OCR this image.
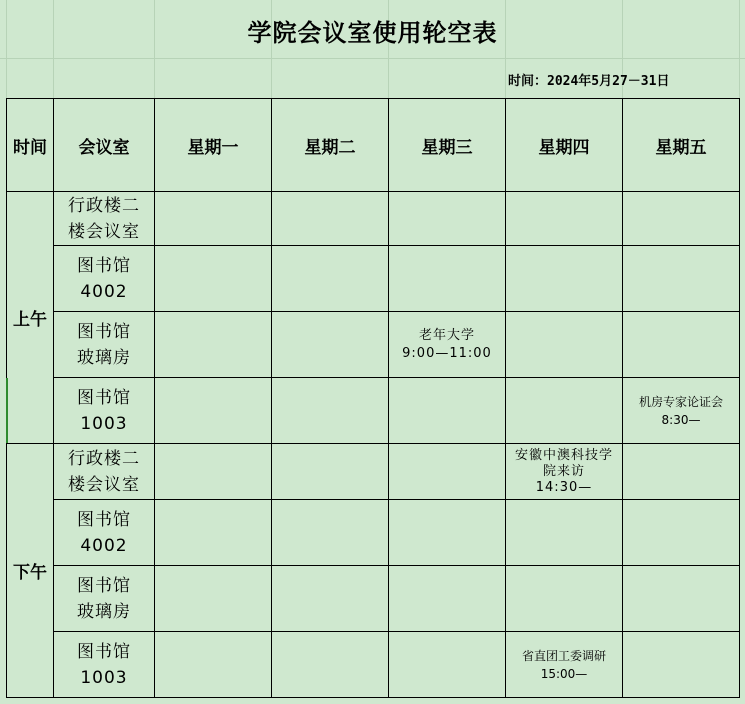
学院会议室使用轮空表
时间：2024年5月27－31日
时间	会议室	星期一	星期二	星期三	星期四	星期五
上午	行政楼二
楼会议室					

	图书馆
4002					

	图书馆
玻璃房			老年大学
9:00—11:00		

	图书馆
1003					机房专家论证会
8:30—

下午	行政楼二
楼会议室				安徽中澳科技学
院来访
14:30—	

	图书馆
4002					

	图书馆
玻璃房					

	图书馆
1003				省直团工委调研
15:00—	
